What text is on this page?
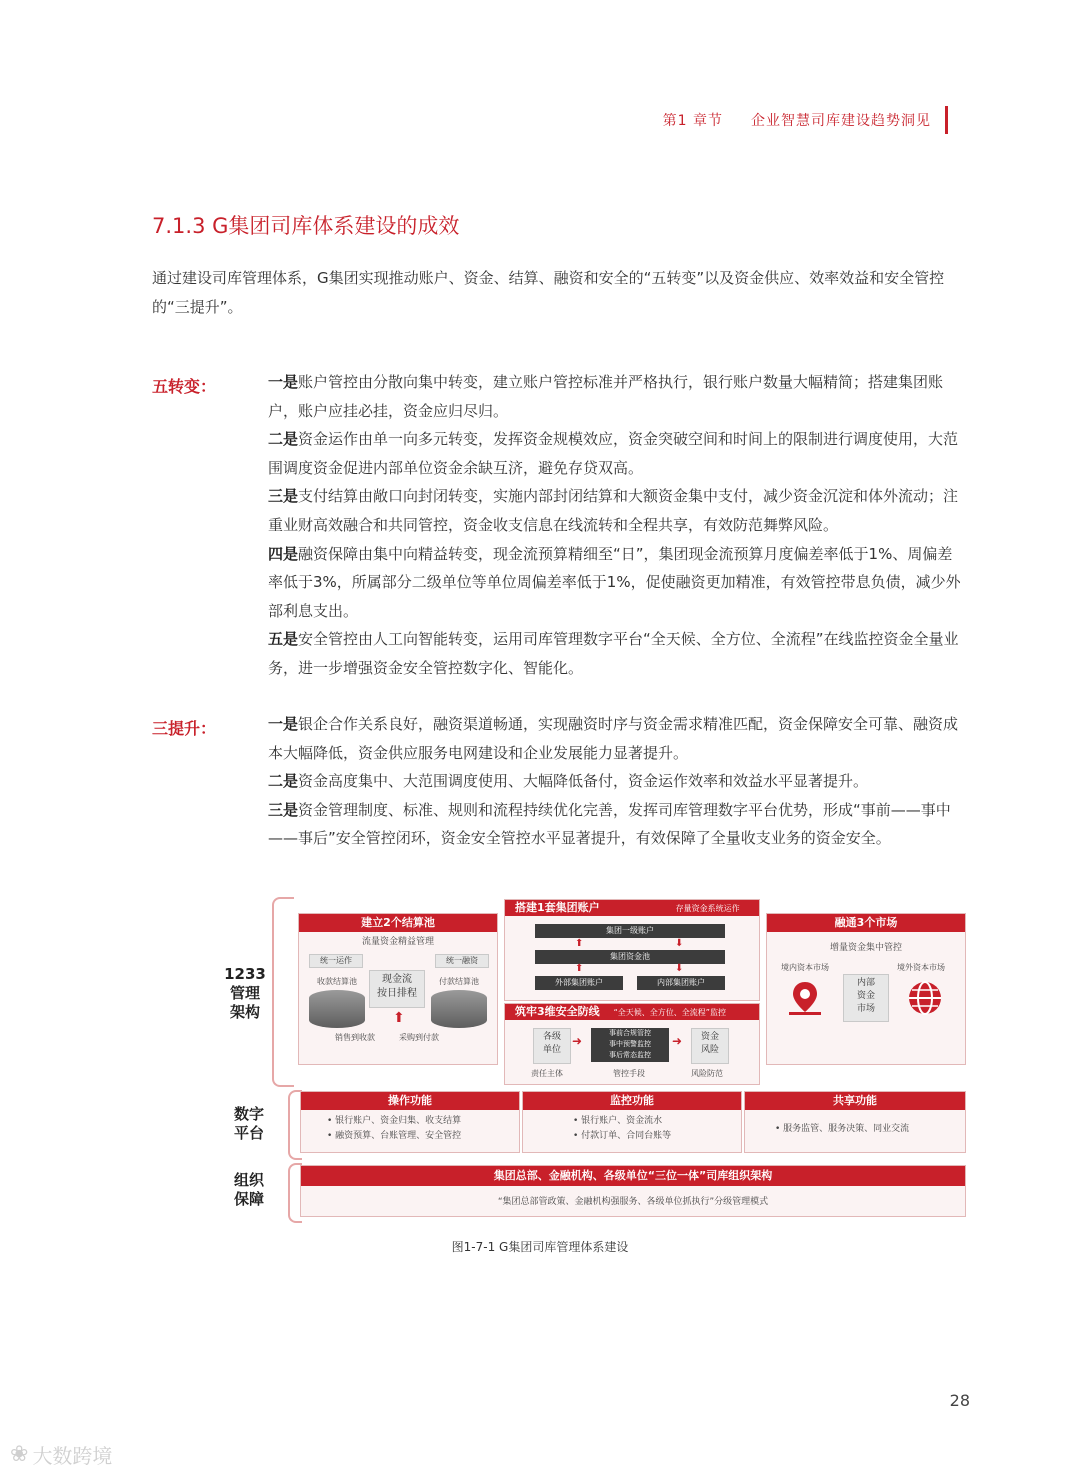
第1 章节 企业智慧司库建设趋势洞见
7.1.3 G集团司库体系建设的成效
通过建设司库管理体系，G集团实现推动账户、资金、结算、融资和安全的“五转变”以及资金供应、效率效益和安全管控的“三提升”。
五转变：	一是账户管控由分散向集中转变，建立账户管控标准并严格执行，银行账户数量大幅精简；搭建集团账户，账户应挂必挂，资金应归尽归。

二是资金运作由单一向多元转变，发挥资金规模效应，资金突破空间和时间上的限制进行调度使用，大范围调度资金促进内部单位资金余缺互济，避免存贷双高。

三是支付结算由敞口向封闭转变，实施内部封闭结算和大额资金集中支付，减少资金沉淀和体外流动；注重业财高效融合和共同管控，资金收支信息在线流转和全程共享，有效防范舞弊风险。

四是融资保障由集中向精益转变，现金流预算精细至“日”，集团现金流预算月度偏差率低于1%、周偏差率低于3%，所属部分二级单位等单位周偏差率低于1%，促使融资更加精准，有效管控带息负债，减少外部利息支出。

五是安全管控由人工向智能转变，运用司库管理数字平台“全天候、全方位、全流程”在线监控资金全量业务，进一步增强资金安全管控数字化、智能化。

三提升：	一是银企合作关系良好，融资渠道畅通，实现融资时序与资金需求精准匹配，资金保障安全可靠、融资成本大幅降低，资金供应服务电网建设和企业发展能力显著提升。

二是资金高度集中、大范围调度使用、大幅降低备付，资金运作效率和效益水平显著提升。

三是资金管理制度、标准、规则和流程持续优化完善，发挥司库管理数字平台优势，形成“事前——事中——事后”安全管控闭环，资金安全管控水平显著提升，有效保障了全量收支业务的资金安全。

1233
管理
架构
数字
平台
组织
保障
建立2个结算池
流量资金精益管理
统一运作	统一融资
收款结算池	付款结算池
现金流
按日排程
⬆
销售到收款	采购到付款
搭建1套集团账户	存量资金系统运作
集团一级账户
集团资金池
外部集团账户	内部集团账户
⬆	⬇
⬆	⬇
筑牢3维安全防线 “全天候、全方位、全流程”监控
各级
单位
事前合规管控
事中预警监控
事后常态监控
资金
风险
➜	➜
责任主体	管控手段	风险防范
融通3个市场
增量资金集中管控
境内资本市场	境外资本市场
内部
资金
市场
操作功能
• 银行账户、资金归集、收支结算
• 融资预算、台账管理、安全管控
监控功能
• 银行账户、资金流水
• 付款订单、合同台账等
共享功能
• 服务监管、服务决策、同业交流
集团总部、金融机构、各级单位“三位一体”司库组织架构
“集团总部管政策、金融机构强服务、各级单位抓执行”分级管理模式
图1-7-1 G集团司库管理体系建设
28
❀ 大数跨境
